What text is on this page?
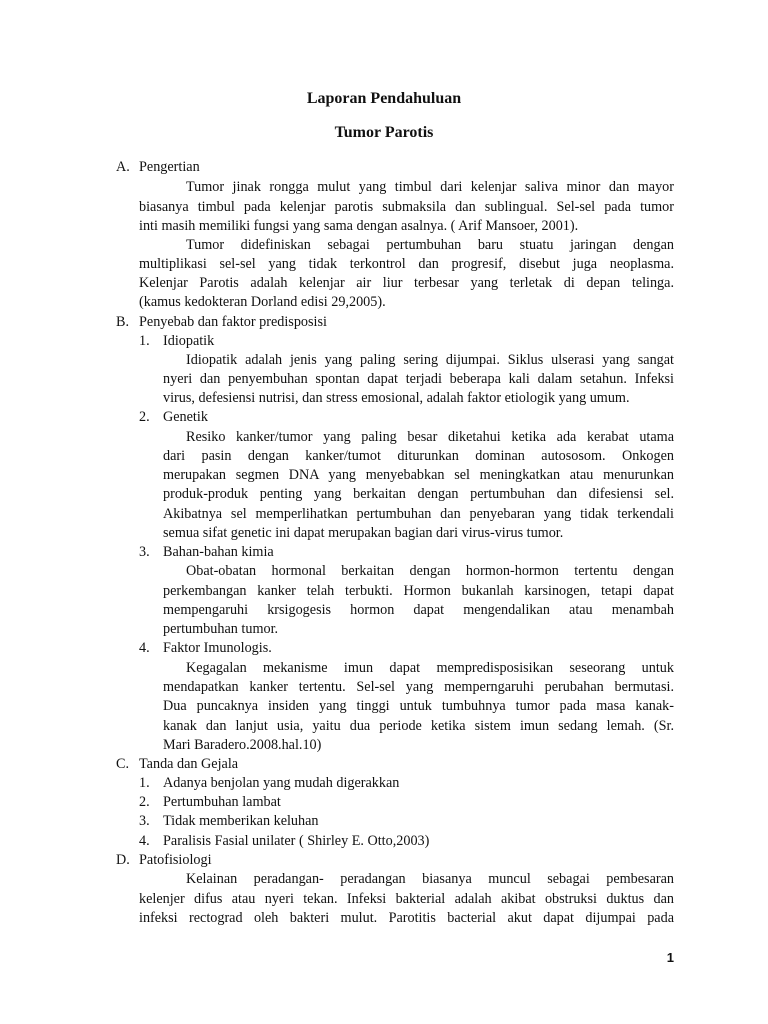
Laporan Pendahuluan
Tumor Parotis
A. Pengertian
Tumor jinak rongga mulut yang timbul dari kelenjar saliva minor dan mayor
biasanya timbul pada kelenjar parotis submaksila dan sublingual. Sel-sel pada tumor
inti masih memiliki fungsi yang sama dengan asalnya. ( Arif Mansoer, 2001).
Tumor didefiniskan sebagai pertumbuhan baru stuatu jaringan dengan
multiplikasi sel-sel yang tidak terkontrol dan progresif, disebut juga neoplasma.
Kelenjar Parotis adalah kelenjar air liur terbesar yang terletak di depan telinga.
(kamus kedokteran Dorland edisi 29,2005).
B. Penyebab dan faktor predisposisi
1. Idiopatik
Idiopatik adalah jenis yang paling sering dijumpai. Siklus ulserasi yang sangat
nyeri dan penyembuhan spontan dapat terjadi beberapa kali dalam setahun. Infeksi
virus, defesiensi nutrisi, dan stress emosional, adalah faktor etiologik yang umum.
2. Genetik
Resiko kanker/tumor yang paling besar diketahui ketika ada kerabat utama
dari pasin dengan kanker/tumot diturunkan dominan autososom. Onkogen
merupakan segmen DNA yang menyebabkan sel meningkatkan atau menurunkan
produk-produk penting yang berkaitan dengan pertumbuhan dan difesiensi sel.
Akibatnya sel memperlihatkan pertumbuhan dan penyebaran yang tidak terkendali
semua sifat genetic ini dapat merupakan bagian dari virus-virus tumor.
3. Bahan-bahan kimia
Obat-obatan hormonal berkaitan dengan hormon-hormon tertentu dengan
perkembangan kanker telah terbukti. Hormon bukanlah karsinogen, tetapi dapat
mempengaruhi krsigogesis hormon dapat mengendalikan atau menambah
pertumbuhan tumor.
4. Faktor Imunologis.
Kegagalan mekanisme imun dapat mempredisposisikan seseorang untuk
mendapatkan kanker tertentu. Sel-sel yang memperngaruhi perubahan bermutasi.
Dua puncaknya insiden yang tinggi untuk tumbuhnya tumor pada masa kanak-
kanak dan lanjut usia, yaitu dua periode ketika sistem imun sedang lemah. (Sr.
Mari Baradero.2008.hal.10)
C. Tanda dan Gejala
1. Adanya benjolan yang mudah digerakkan
2. Pertumbuhan lambat
3. Tidak memberikan keluhan
4. Paralisis Fasial unilater ( Shirley E. Otto,2003)
D. Patofisiologi
Kelainan peradangan- peradangan biasanya muncul sebagai pembesaran
kelenjer difus atau nyeri tekan. Infeksi bakterial adalah akibat obstruksi duktus dan
infeksi rectograd oleh bakteri mulut. Parotitis bacterial akut dapat dijumpai pada
1
